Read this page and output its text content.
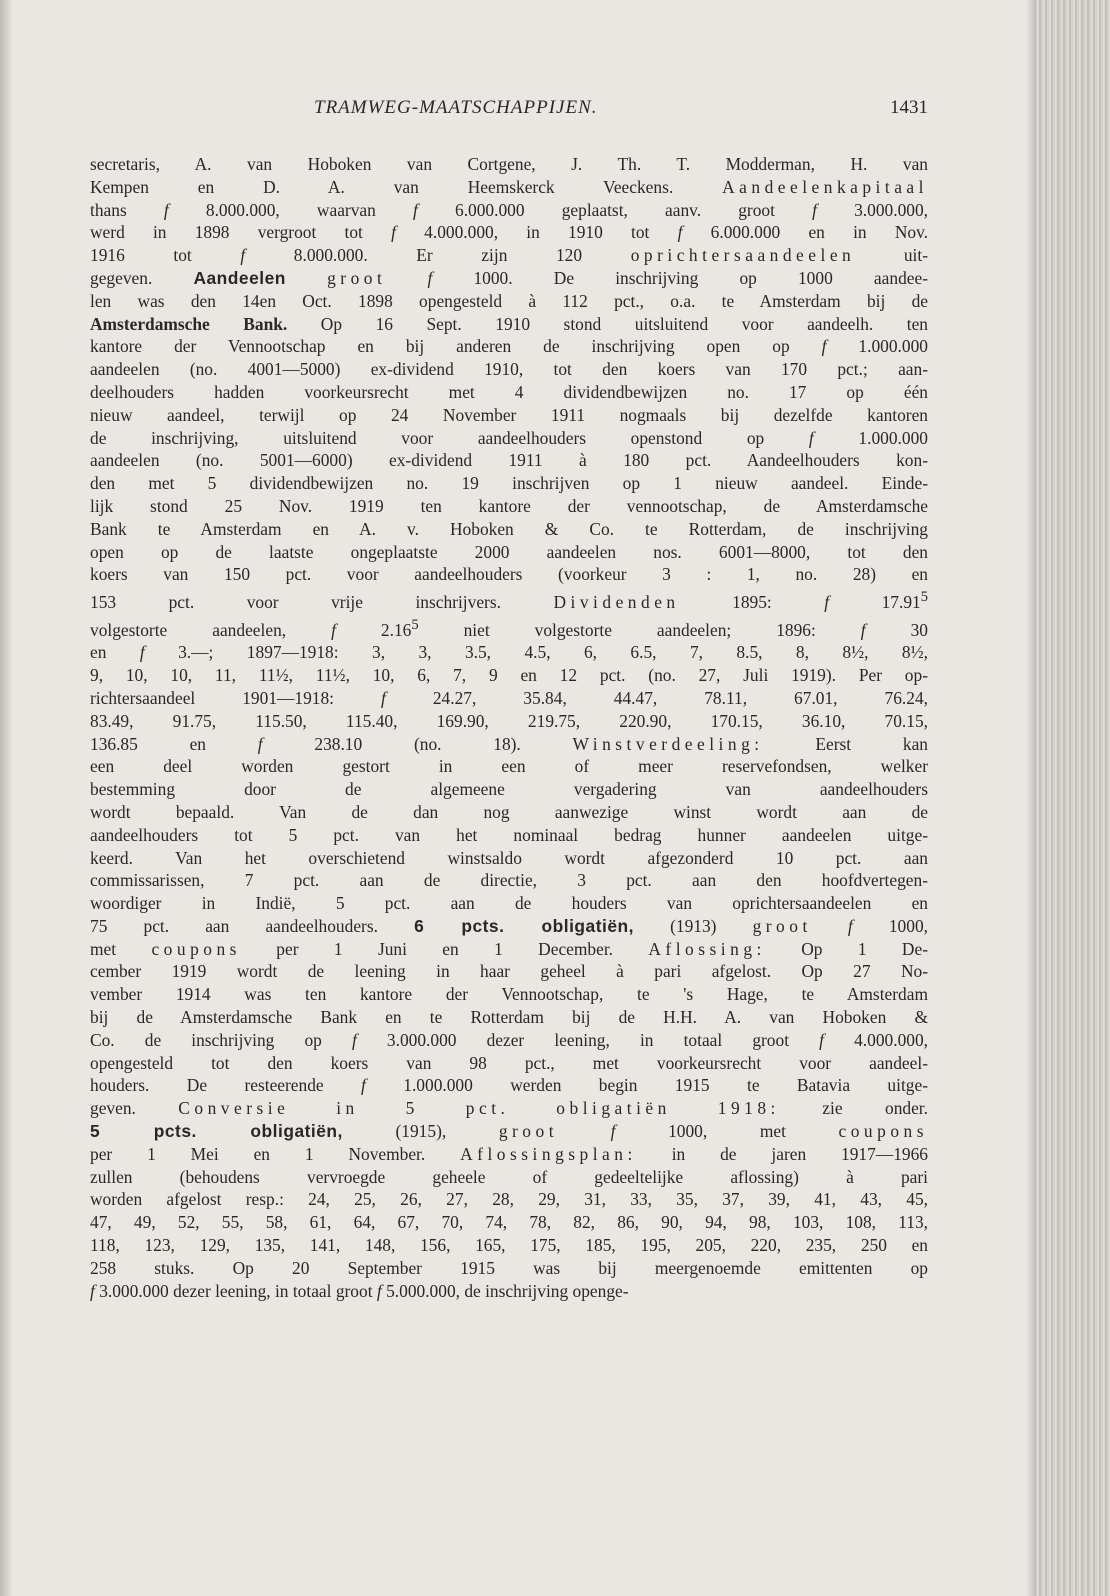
TRAMWEG-MAATSCHAPPIJEN.	1431
secretaris, A. van Hoboken van Cortgene, J. Th. T. Modderman, H. van
Kempen en D. A. van Heemskerck Veeckens. Aandeelenkapitaal
thans f 8.000.000, waarvan f 6.000.000 geplaatst, aanv. groot f 3.000.000,
werd in 1898 vergroot tot f 4.000.000, in 1910 tot f 6.000.000 en in Nov.
1916 tot f 8.000.000. Er zijn 120 oprichtersaandeelen uit-
gegeven. Aandeelen groot f 1000. De inschrijving op 1000 aandee-
len was den 14en Oct. 1898 opengesteld à 112 pct., o.a. te Amsterdam bij de
Amsterdamsche Bank. Op 16 Sept. 1910 stond uitsluitend voor aandeelh. ten
kantore der Vennootschap en bij anderen de inschrijving open op f 1.000.000
aandeelen (no. 4001—5000) ex-dividend 1910, tot den koers van 170 pct.; aan-
deelhouders hadden voorkeursrecht met 4 dividendbewijzen no. 17 op één
nieuw aandeel, terwijl op 24 November 1911 nogmaals bij dezelfde kantoren
de inschrijving, uitsluitend voor aandeelhouders openstond op f 1.000.000
aandeelen (no. 5001—6000) ex-dividend 1911 à 180 pct. Aandeelhouders kon-
den met 5 dividendbewijzen no. 19 inschrijven op 1 nieuw aandeel. Einde-
lijk stond 25 Nov. 1919 ten kantore der vennootschap, de Amsterdamsche
Bank te Amsterdam en A. v. Hoboken & Co. te Rotterdam, de inschrijving
open op de laatste ongeplaatste 2000 aandeelen nos. 6001—8000, tot den
koers van 150 pct. voor aandeelhouders (voorkeur 3 : 1, no. 28) en
153 pct. voor vrije inschrijvers. Dividenden 1895: f 17.91$^5$
volgestorte aandeelen, f 2.16$^5$ niet volgestorte aandeelen; 1896: f 30
en f 3.—; 1897—1918: 3, 3, 3.5, 4.5, 6, 6.5, 7, 8.5, 8, 8½, 8½,
9, 10, 10, 11, 11½, 11½, 10, 6, 7, 9 en 12 pct. (no. 27, Juli 1919). Per op-
richtersaandeel 1901—1918: f 24.27, 35.84, 44.47, 78.11, 67.01, 76.24,
83.49, 91.75, 115.50, 115.40, 169.90, 219.75, 220.90, 170.15, 36.10, 70.15,
136.85 en f 238.10 (no. 18). Winstverdeeling: Eerst kan
een deel worden gestort in een of meer reservefondsen, welker
bestemming door de algemeene vergadering van aandeelhouders
wordt bepaald. Van de dan nog aanwezige winst wordt aan de
aandeelhouders tot 5 pct. van het nominaal bedrag hunner aandeelen uitge-
keerd. Van het overschietend winstsaldo wordt afgezonderd 10 pct. aan
commissarissen, 7 pct. aan de directie, 3 pct. aan den hoofdvertegen-
woordiger in Indië, 5 pct. aan de houders van oprichtersaandeelen en
75 pct. aan aandeelhouders. 6 pcts. obligatiën, (1913) groot f 1000,
met coupons per 1 Juni en 1 December. Aflossing: Op 1 De-
cember 1919 wordt de leening in haar geheel à pari afgelost. Op 27 No-
vember 1914 was ten kantore der Vennootschap, te 's Hage, te Amsterdam
bij de Amsterdamsche Bank en te Rotterdam bij de H.H. A. van Hoboken &
Co. de inschrijving op f 3.000.000 dezer leening, in totaal groot f 4.000.000,
opengesteld tot den koers van 98 pct., met voorkeursrecht voor aandeel-
houders. De resteerende f 1.000.000 werden begin 1915 te Batavia uitge-
geven. Conversie in 5 pct. obligatiën 1918: zie onder.
5 pcts. obligatiën, (1915), groot	f 1000, met coupons
per 1 Mei en 1 November. Aflossingsplan: in de jaren 1917—1966
zullen (behoudens vervroegde geheele of gedeeltelijke aflossing) à pari
worden afgelost resp.: 24, 25, 26, 27, 28, 29, 31, 33, 35, 37, 39, 41, 43, 45,
47, 49, 52, 55, 58, 61, 64, 67, 70, 74, 78, 82, 86, 90, 94, 98, 103, 108, 113,
118, 123, 129, 135, 141, 148, 156, 165, 175, 185, 195, 205, 220, 235, 250 en
258 stuks. Op 20 September 1915 was bij meergenoemde emittenten op
f 3.000.000 dezer leening, in totaal groot f 5.000.000, de inschrijving openge-
